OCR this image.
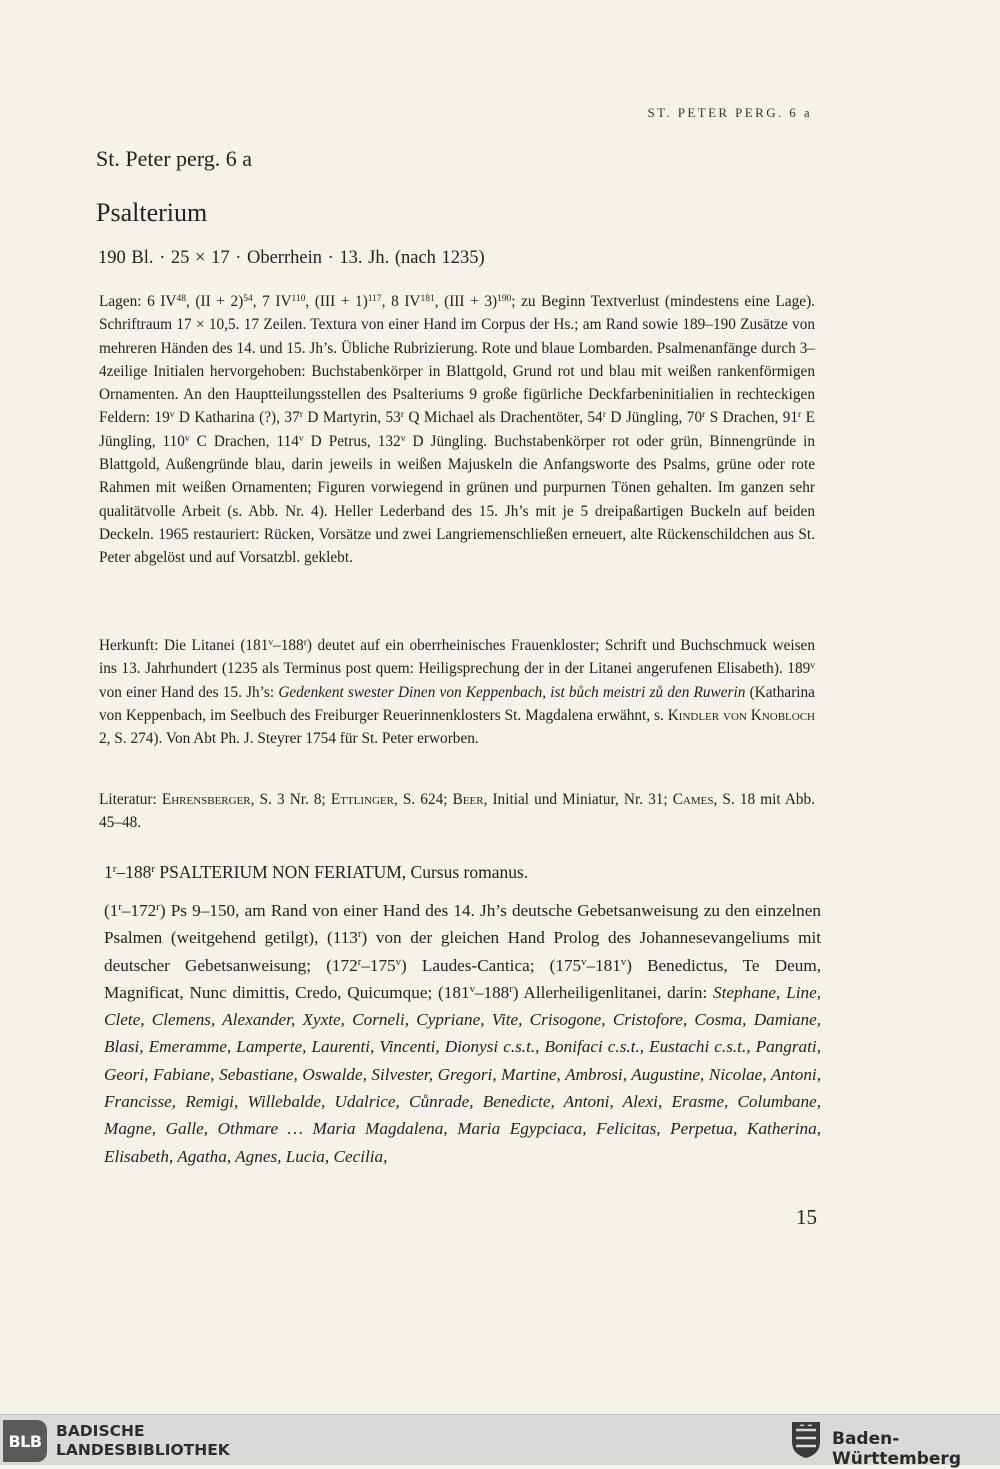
ST. PETER PERG. 6 a
St. Peter perg. 6 a
Psalterium
190 Bl. · 25 × 17 · Oberrhein · 13. Jh. (nach 1235)

Lagen: 6 IV$^{48}$, (II + 2)$^{54}$, 7 IV$^{110}$, (III + 1)$^{117}$, 8 IV$^{181}$, (III + 3)$^{190}$; zu Beginn Textverlust (mindestens eine Lage). Schriftraum 17 × 10,5. 17 Zeilen. Textura von einer Hand im Corpus der Hs.; am Rand sowie 189–190 Zusätze von mehreren Händen des 14. und 15. Jh’s. Übliche Rubrizierung. Rote und blaue Lombarden. Psalmenanfänge durch 3–4zeilige Initialen hervorgehoben: Buchstabenkörper in Blattgold, Grund rot und blau mit weißen rankenförmigen Ornamenten. An den Hauptteilungsstellen des Psalteriums 9 große figürliche Deckfarbeninitialien in rechteckigen Feldern: 19$^v$ D Katharina (?), 37$^r$ D Martyrin, 53$^r$ Q Michael als Drachentöter, 54$^r$ D Jüngling, 70$^r$ S Drachen, 91$^r$ E Jüngling, 110$^v$ C Drachen, 114$^v$ D Petrus, 132$^v$ D Jüngling. Buchstabenkörper rot oder grün, Binnengründe in Blattgold, Außengründe blau, darin jeweils in weißen Majuskeln die Anfangsworte des Psalms, grüne oder rote Rahmen mit weißen Ornamenten; Figuren vorwiegend in grünen und purpurnen Tönen gehalten. Im ganzen sehr qualitätvolle Arbeit (s. Abb. Nr. 4). Heller Lederband des 15. Jh’s mit je 5 dreipaßartigen Buckeln auf beiden Deckeln. 1965 restauriert: Rücken, Vorsätze und zwei Langriemenschließen erneuert, alte Rückenschildchen aus St. Peter abgelöst und auf Vorsatzbl. geklebt.

Herkunft: Die Litanei (181$^v$–188$^r$) deutet auf ein oberrheinisches Frauenkloster; Schrift und Buchschmuck weisen ins 13. Jahrhundert (1235 als Terminus post quem: Heiligsprechung der in der Litanei angerufenen Elisabeth). 189$^v$ von einer Hand des 15. Jh’s: Gedenkent swester Dinen von Keppenbach, ist bůch meistri zů den Ruwerin (Katharina von Keppenbach, im Seelbuch des Freiburger Reuerinnenklosters St. Magdalena erwähnt, s. Kindler von Knobloch 2, S. 274). Von Abt Ph. J. Steyrer 1754 für St. Peter erworben.

Literatur: Ehrensberger, S. 3 Nr. 8; Ettlinger, S. 624; Beer, Initial und Miniatur, Nr. 31; Cames, S. 18 mit Abb. 45–48.

1$^r$–188$^r$ PSALTERIUM NON FERIATUM, Cursus romanus.

(1$^r$–172$^r$) Ps 9–150, am Rand von einer Hand des 14. Jh’s deutsche Gebetsanweisung zu den einzelnen Psalmen (weitgehend getilgt), (113$^r$) von der gleichen Hand Prolog des Johannesevangeliums mit deutscher Gebetsanweisung; (172$^r$–175$^v$) Laudes-Cantica; (175$^v$–181$^v$) Benedictus, Te Deum, Magnificat, Nunc dimittis, Credo, Quicumque; (181$^v$–188$^r$) Allerheiligenlitanei, darin: Stephane, Line, Clete, Clemens, Alexander, Xyxte, Corneli, Cypriane, Vite, Crisogone, Cristofore, Cosma, Damiane, Blasi, Emeramme, Lamperte, Laurenti, Vincenti, Dionysi c.s.t., Bonifaci c.s.t., Eustachi c.s.t., Pangrati, Geori, Fabiane, Sebastiane, Oswalde, Silvester, Gregori, Martine, Ambrosi, Augustine, Nicolae, Antoni, Francisse, Remigi, Willebalde, Udalrice, Cůnrade, Benedicte, Antoni, Alexi, Erasme, Columbane, Magne, Galle, Othmare … Maria Magdalena, Maria Egypciaca, Felicitas, Perpetua, Katherina, Elisabeth, Agatha, Agnes, Lucia, Cecilia,

15
BLB
BADISCHE
LANDESBIBLIOTHEK
Baden-Württemberg
